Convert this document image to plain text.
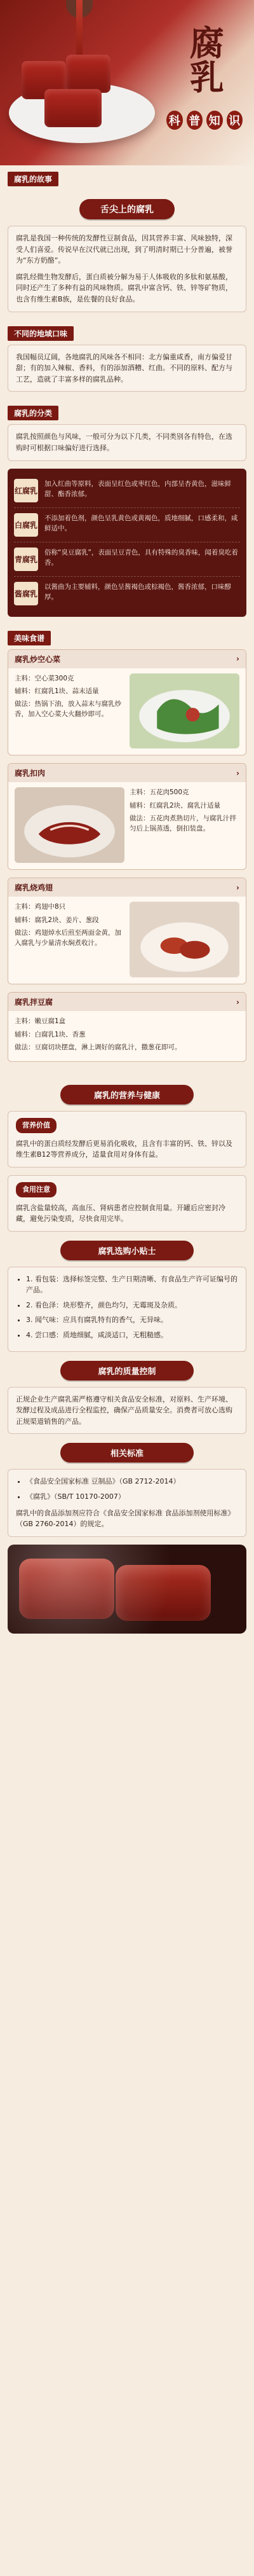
腐乳
科 普 知 识
腐乳的故事
舌尖上的腐乳

腐乳是我国一种传统的发酵性豆制食品，因其营养丰富、风味独特，深受人们喜爱。传说早在汉代就已出现，到了明清时期已十分普遍，被誉为“东方奶酪”。

腐乳经微生物发酵后，蛋白质被分解为易于人体吸收的多肽和氨基酸，同时还产生了多种有益的风味物质。腐乳中富含钙、铁、锌等矿物质，也含有维生素B族，是佐餐的良好食品。

不同的地域口味

我国幅员辽阔，各地腐乳的风味各不相同：北方偏重咸香，南方偏爱甘甜；有的加入辣椒、香料，有的添加酒糟、红曲。不同的原料、配方与工艺，造就了丰富多样的腐乳品种。

腐乳的分类

腐乳按照颜色与风味，一般可分为以下几类，不同类别各有特色，在选购时可根据口味偏好进行选择。

红腐乳
加入红曲等原料，表面呈红色或枣红色，内部呈杏黄色，滋味鲜甜、酯香浓郁。
白腐乳
不添加着色剂，颜色呈乳黄色或黄褐色，质地细腻，口感柔和，咸鲜适中。
青腐乳
俗称“臭豆腐乳”，表面呈豆青色，具有特殊的臭香味，闻着臭吃着香。
酱腐乳
以酱曲为主要辅料，颜色呈酱褐色或棕褐色，酱香浓郁，口味醇厚。
美味食谱
腐乳炒空心菜	›
主料：空心菜300克
辅料：红腐乳1块、蒜末适量
做法：热锅下油，放入蒜末与腐乳炒香，加入空心菜大火翻炒即可。
腐乳扣肉	›
主料：五花肉500克
辅料：红腐乳2块、腐乳汁适量
做法：五花肉煮熟切片，与腐乳汁拌匀后上锅蒸透，倒扣装盘。
腐乳烧鸡翅	›
主料：鸡翅中8只
辅料：腐乳2块、姜片、葱段
做法：鸡翅焯水后煎至两面金黄，加入腐乳与少量清水焖煮收汁。
腐乳拌豆腐	›
主料：嫩豆腐1盒
辅料：白腐乳1块、香葱
做法：豆腐切块摆盘，淋上调好的腐乳汁，撒葱花即可。
腐乳的营养与健康
营养价值
腐乳中的蛋白质经发酵后更易消化吸收，且含有丰富的钙、铁、锌以及维生素B12等营养成分，适量食用对身体有益。
食用注意
腐乳含盐量较高，高血压、肾病患者应控制食用量。开罐后应密封冷藏，避免污染变质，尽快食用完毕。
腐乳选购小贴士
• 1. 看包装：选择标签完整、生产日期清晰、有食品生产许可证编号的产品。
• 2. 看色泽：块形整齐，颜色均匀，无霉斑及杂质。
• 3. 闻气味：应具有腐乳特有的香气，无异味。
• 4. 尝口感：质地细腻，咸淡适口，无粗糙感。
腐乳的质量控制
正规企业生产腐乳需严格遵守相关食品安全标准，对原料、生产环境、发酵过程及成品进行全程监控，确保产品质量安全。消费者可放心选购正规渠道销售的产品。
相关标准
• 《食品安全国家标准 豆制品》（GB 2712-2014）
• 《腐乳》（SB/T 10170-2007）
腐乳中的食品添加剂应符合《食品安全国家标准 食品添加剂使用标准》（GB 2760-2014）的规定。
